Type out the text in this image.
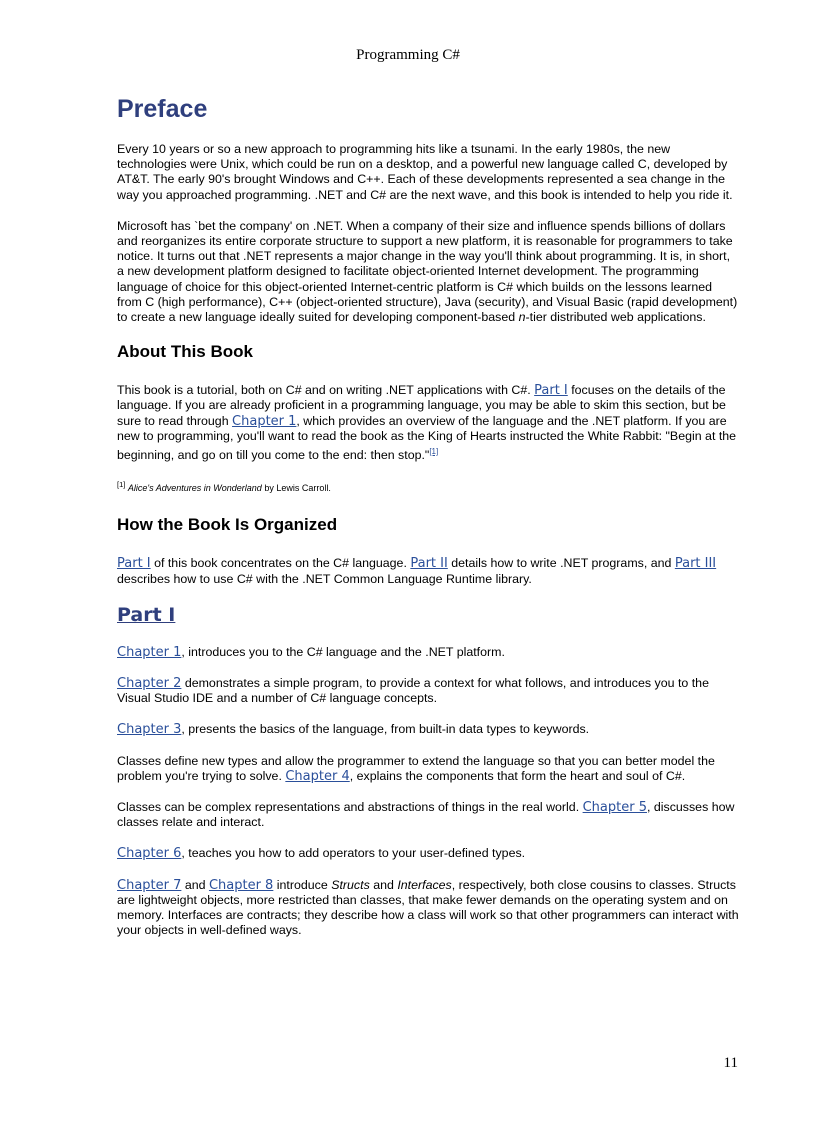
Programming C#
Preface

Every 10 years or so a new approach to programming hits like a tsunami. In the early 1980s, the new technologies were Unix, which could be run on a desktop, and a powerful new language called C, developed by AT&T. The early 90's brought Windows and C++. Each of these developments represented a sea change in the way you approached programming. .NET and C# are the next wave, and this book is intended to help you ride it.

Microsoft has `bet the company' on .NET. When a company of their size and influence spends billions of dollars and reorganizes its entire corporate structure to support a new platform, it is reasonable for programmers to take notice. It turns out that .NET represents a major change in the way you'll think about programming. It is, in short, a new development platform designed to facilitate object-oriented Internet development. The programming language of choice for this object-oriented Internet-centric platform is C# which builds on the lessons learned from C (high performance), C++ (object-oriented structure), Java (security), and Visual Basic (rapid development) to create a new language ideally suited for developing component-based n-tier distributed web applications.

About This Book

This book is a tutorial, both on C# and on writing .NET applications with C#. Part I focuses on the details of the language. If you are already proficient in a programming language, you may be able to skim this section, but be sure to read through Chapter 1, which provides an overview of the language and the .NET platform. If you are new to programming, you'll want to read the book as the King of Hearts instructed the White Rabbit: "Begin at the beginning, and go on till you come to the end: then stop."[1]

[1] Alice's Adventures in Wonderland by Lewis Carroll.

How the Book Is Organized

Part I of this book concentrates on the C# language. Part II details how to write .NET programs, and Part III describes how to use C# with the .NET Common Language Runtime library.

Part I

Chapter 1, introduces you to the C# language and the .NET platform.

Chapter 2 demonstrates a simple program, to provide a context for what follows, and introduces you to the Visual Studio IDE and a number of C# language concepts.

Chapter 3, presents the basics of the language, from built-in data types to keywords.

Classes define new types and allow the programmer to extend the language so that you can better model the problem you're trying to solve. Chapter 4, explains the components that form the heart and soul of C#.

Classes can be complex representations and abstractions of things in the real world. Chapter 5, discusses how classes relate and interact.

Chapter 6, teaches you how to add operators to your user-defined types.

Chapter 7 and Chapter 8 introduce Structs and Interfaces, respectively, both close cousins to classes. Structs are lightweight objects, more restricted than classes, that make fewer demands on the operating system and on memory. Interfaces are contracts; they describe how a class will work so that other programmers can interact with your objects in well-defined ways.

11
